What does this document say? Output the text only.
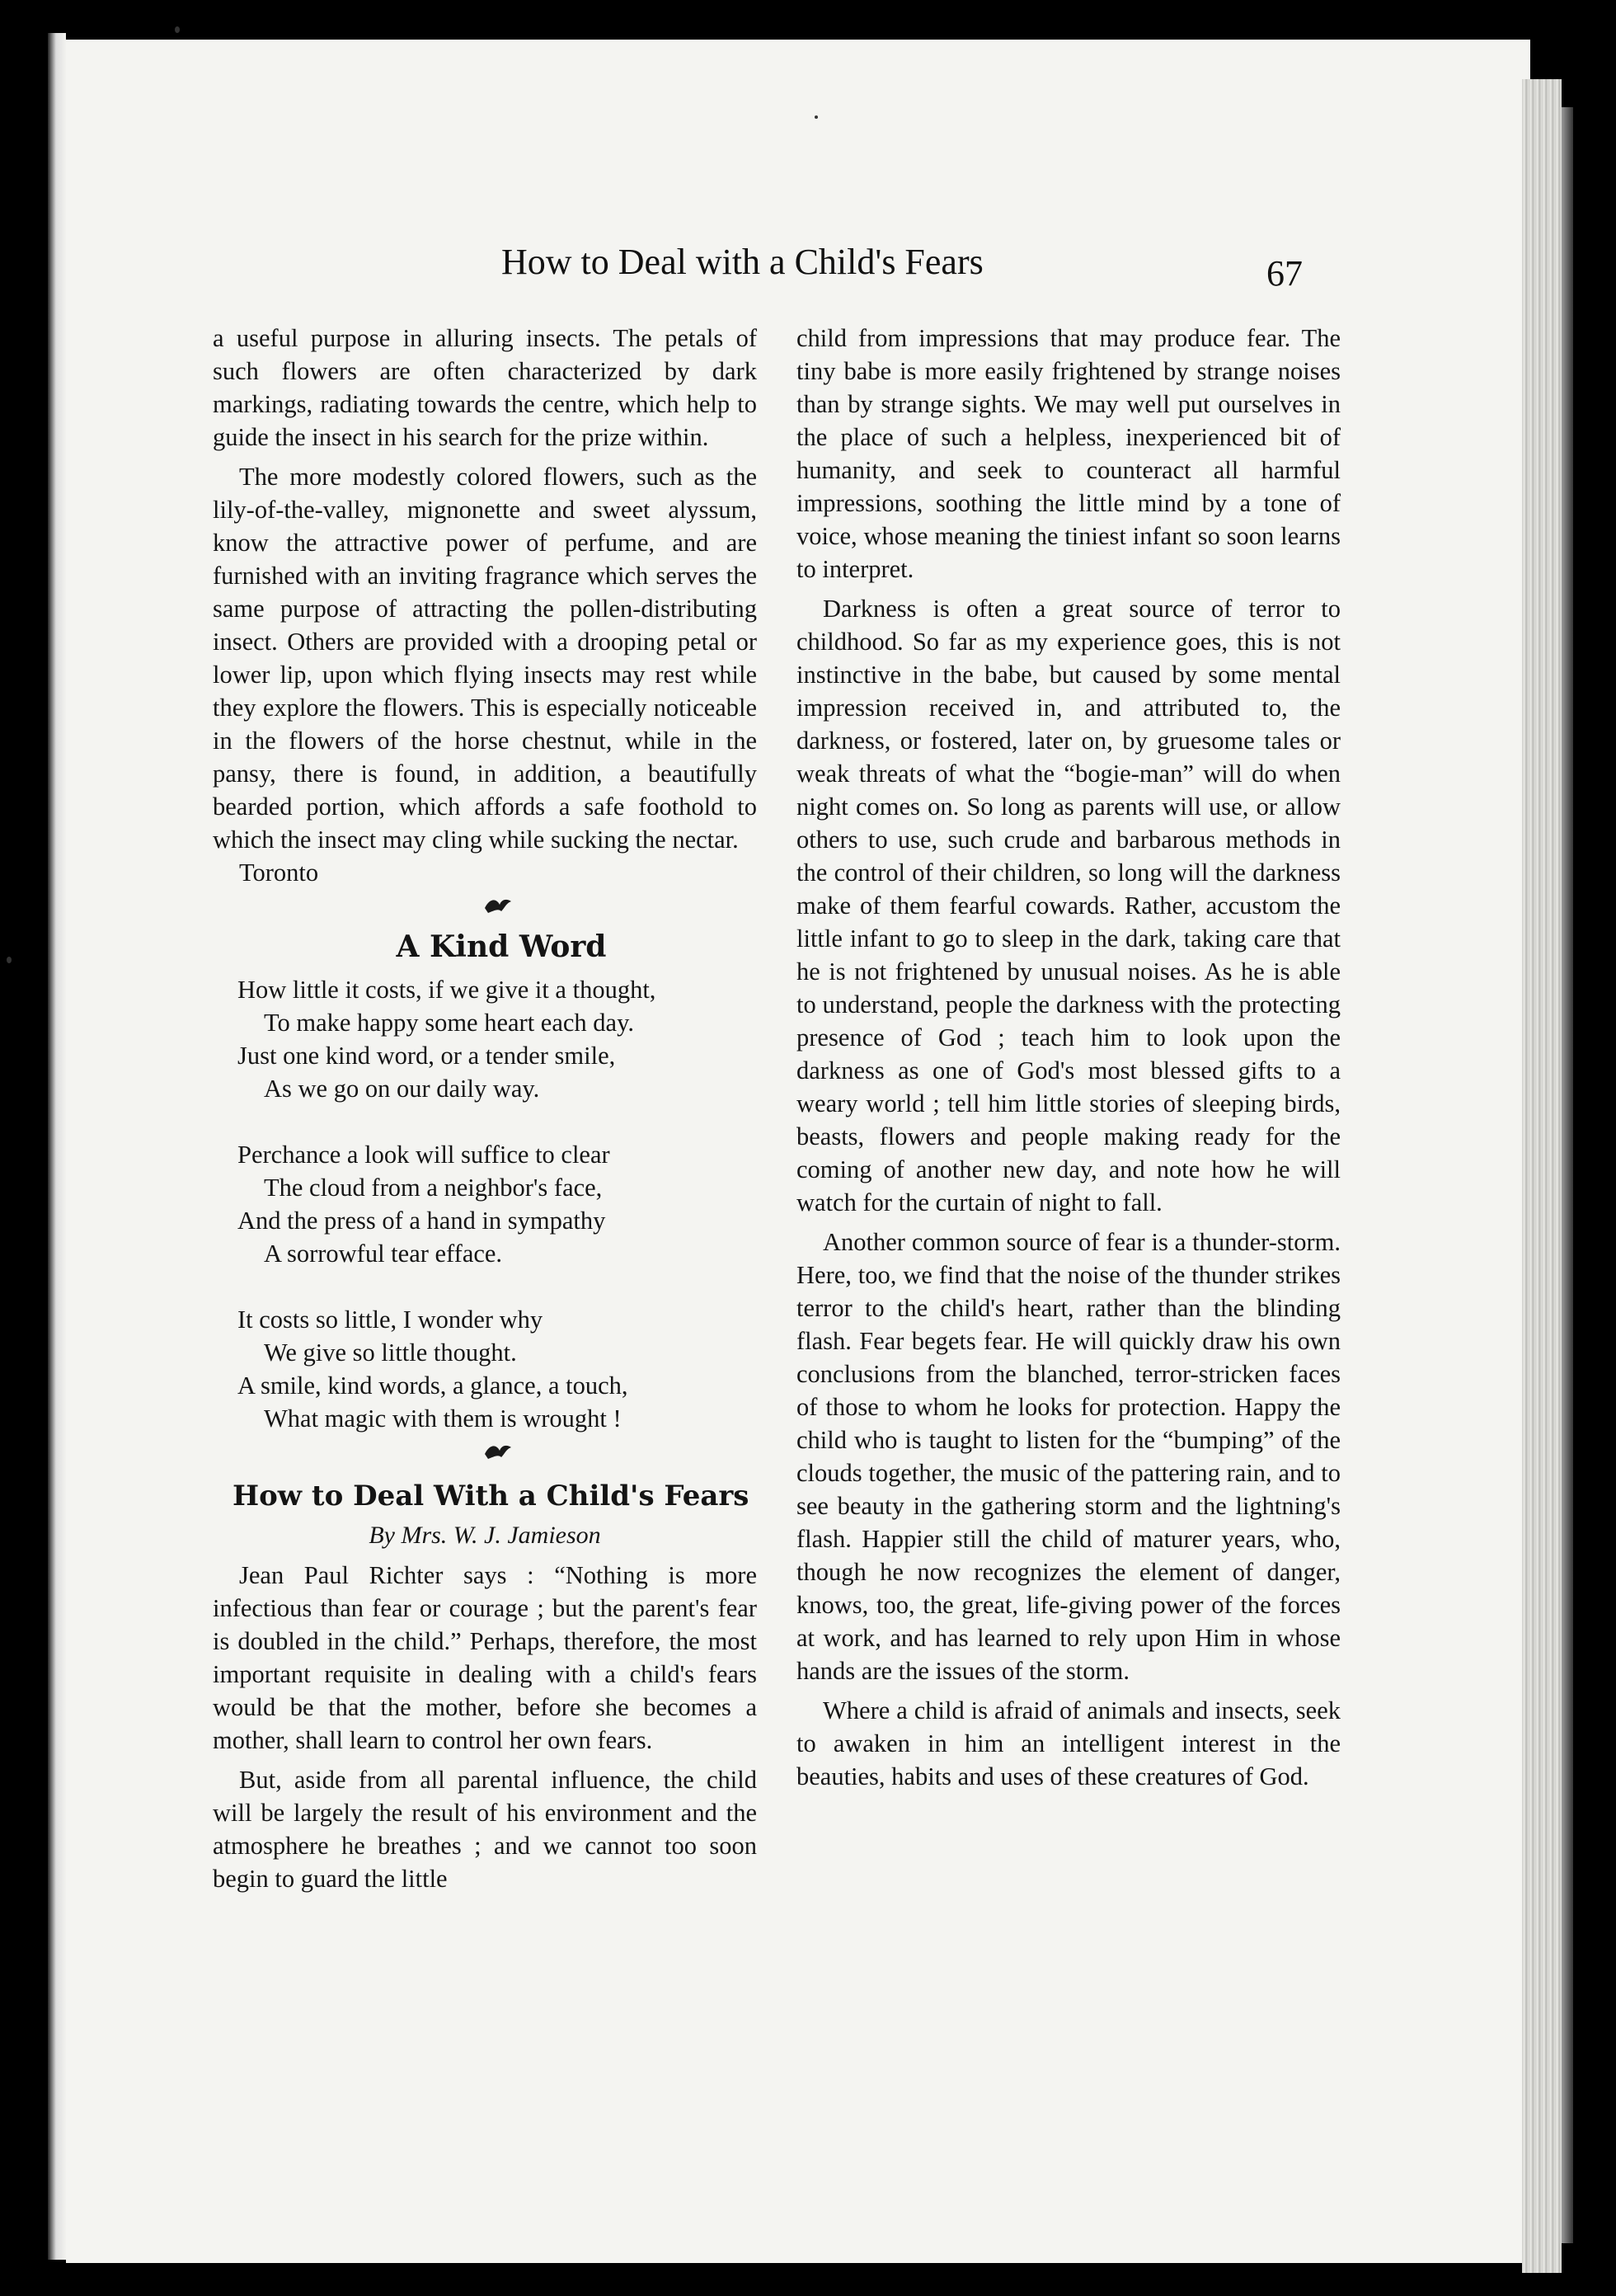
How to Deal with a Child's Fears	67

a useful purpose in alluring insects. The petals of such flowers are often characterized by dark markings, radiating towards the centre, which help to guide the insect in his search for the prize within.

The more modestly colored flowers, such as the lily-of-the-valley, mignonette and sweet alyssum, know the attractive power of perfume, and are furnished with an inviting fragrance which serves the same purpose of attracting the pollen-distributing insect. Others are provided with a drooping petal or lower lip, upon which flying insects may rest while they explore the flowers. This is especially noticeable in the flowers of the horse chestnut, while in the pansy, there is found, in addition, a beautifully bearded portion, which affords a safe foothold to which the insect may cling while sucking the nectar.

Toronto

A Kind Word
How little it costs, if we give it a thought,
To make happy some heart each day.
Just one kind word, or a tender smile,
As we go on our daily way.
Perchance a look will suffice to clear
The cloud from a neighbor's face,
And the press of a hand in sympathy
A sorrowful tear efface.
It costs so little, I wonder why
We give so little thought.
A smile, kind words, a glance, a touch,
What magic with them is wrought !
How to Deal With a Child's Fears
By Mrs. W. J. Jamieson

Jean Paul Richter says : “Nothing is more infectious than fear or courage ; but the parent's fear is doubled in the child.” Perhaps, therefore, the most important requisite in dealing with a child's fears would be that the mother, before she becomes a mother, shall learn to control her own fears.

But, aside from all parental influence, the child will be largely the result of his environment and the atmosphere he breathes ; and we cannot too soon begin to guard the little

child from impressions that may produce fear. The tiny babe is more easily frightened by strange noises than by strange sights. We may well put ourselves in the place of such a helpless, inexperienced bit of humanity, and seek to counteract all harmful impressions, soothing the little mind by a tone of voice, whose meaning the tiniest infant so soon learns to interpret.

Darkness is often a great source of terror to childhood. So far as my experience goes, this is not instinctive in the babe, but caused by some mental impression received in, and attributed to, the darkness, or fostered, later on, by gruesome tales or weak threats of what the “bogie-man” will do when night comes on. So long as parents will use, or allow others to use, such crude and barbarous methods in the control of their children, so long will the darkness make of them fearful cowards. Rather, accustom the little infant to go to sleep in the dark, taking care that he is not frightened by unusual noises. As he is able to understand, people the darkness with the protecting presence of God ; teach him to look upon the darkness as one of God's most blessed gifts to a weary world ; tell him little stories of sleeping birds, beasts, flowers and people making ready for the coming of another new day, and note how he will watch for the curtain of night to fall.

Another common source of fear is a thunder-storm. Here, too, we find that the noise of the thunder strikes terror to the child's heart, rather than the blinding flash. Fear begets fear. He will quickly draw his own conclusions from the blanched, terror-stricken faces of those to whom he looks for protection. Happy the child who is taught to listen for the “bumping” of the clouds together, the music of the pattering rain, and to see beauty in the gathering storm and the lightning's flash. Happier still the child of maturer years, who, though he now recognizes the element of danger, knows, too, the great, life-giving power of the forces at work, and has learned to rely upon Him in whose hands are the issues of the storm.

Where a child is afraid of animals and insects, seek to awaken in him an intelligent interest in the beauties, habits and uses of these creatures of God.
